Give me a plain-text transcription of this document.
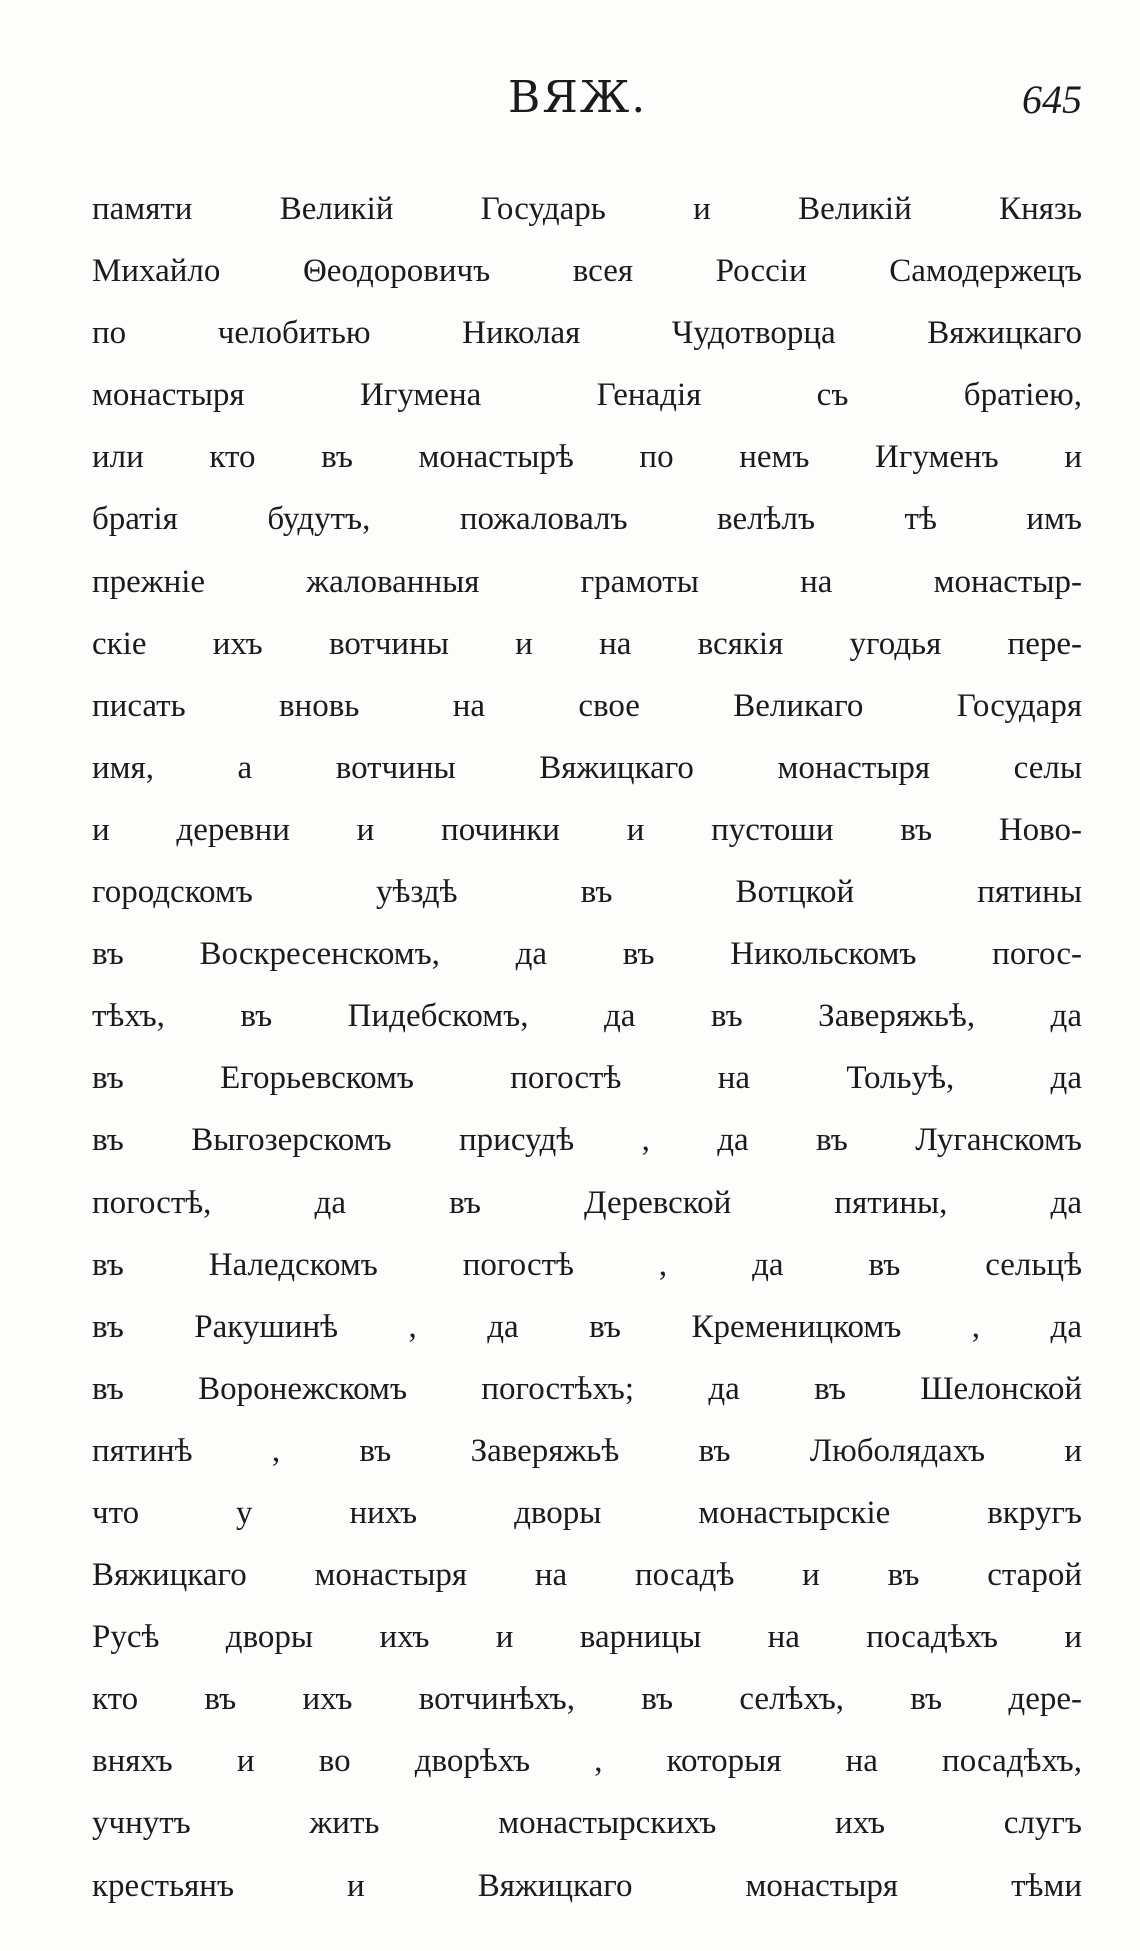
ВЯЖ.	645
памяти Великій Государь и Великій Князь
Михайло Θеодоровичъ всея Россіи Самодержецъ
по челобитью Николая Чудотворца Вяжицкаго
монастыря Игумена Генадія съ братіею,
или кто въ монастырѣ по немъ Игуменъ и
братія будутъ, пожаловалъ велѣлъ тѣ имъ
прежніе жалованныя грамоты на монастыр-
скіе ихъ вотчины и на всякія угодья пере-
писать вновь на свое Великаго Государя
имя, а вотчины Вяжицкаго монастыря селы
и деревни и починки и пустоши въ Ново-
городскомъ уѣздѣ въ Вотцкой пятины
въ Воскресенскомъ, да въ Никольскомъ погос-
тѣхъ, въ Пидебскомъ, да въ Заверяжьѣ, да
въ Егорьевскомъ погостѣ на Тольуѣ, да
въ Выгозерскомъ присудѣ , да въ Луганскомъ
погостѣ, да въ Деревской пятины, да
въ Наледскомъ погостѣ , да въ сельцѣ
въ Ракушинѣ , да въ Кременицкомъ , да
въ Воронежскомъ погостѣхъ; да въ Шелонской
пятинѣ , въ Заверяжьѣ въ Люболядахъ и
что у нихъ дворы монастырскіе вкругъ
Вяжицкаго монастыря на посадѣ и въ старой
Русѣ дворы ихъ и варницы на посадѣхъ и
кто въ ихъ вотчинѣхъ, въ селѣхъ, въ дере-
вняхъ и во дворѣхъ , которыя на посадѣхъ,
учнутъ жить монастырскихъ ихъ слугъ
крестьянъ и Вяжицкаго монастыря тѣми
